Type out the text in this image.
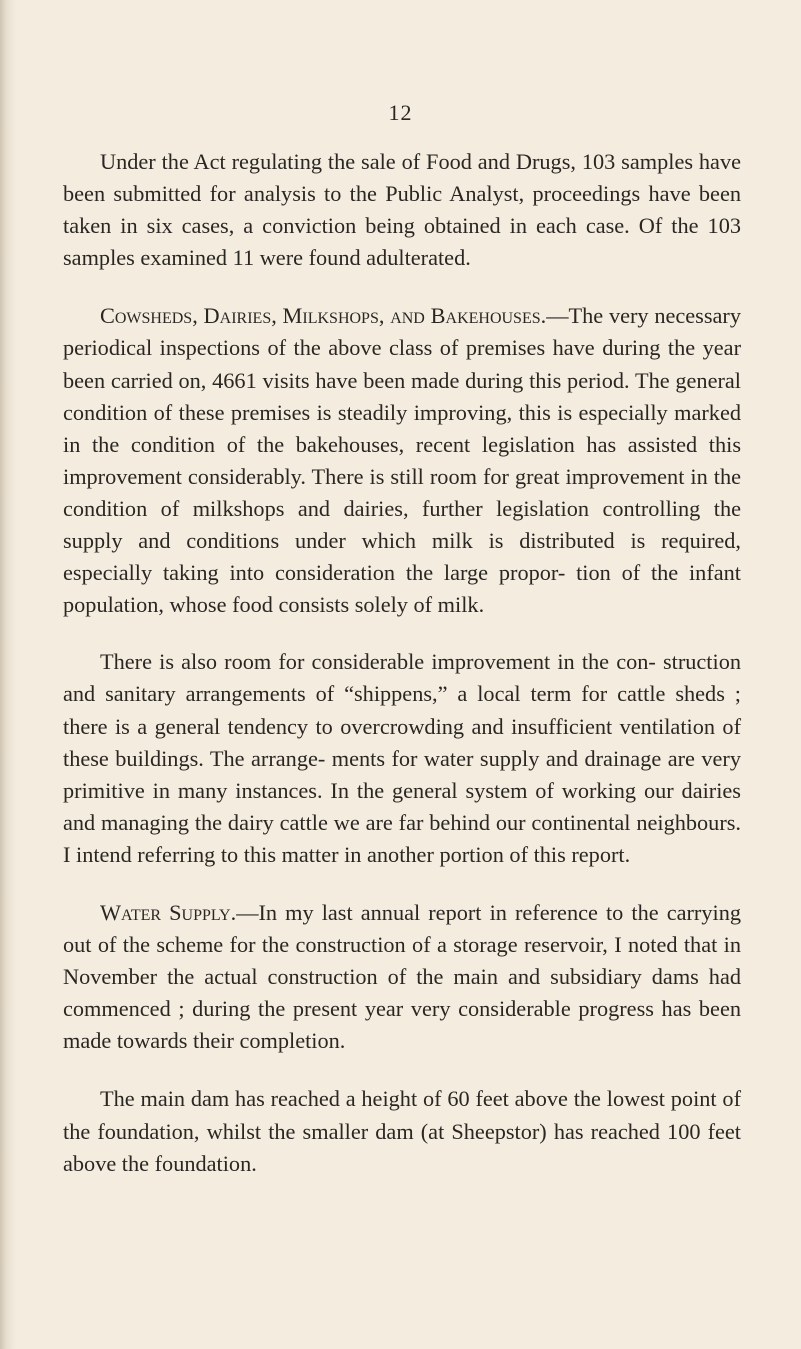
12

Under the Act regulating the sale of Food and Drugs, 103 samples have been submitted for analysis to the Public Analyst, proceedings have been taken in six cases, a conviction being obtained in each case. Of the 103 samples examined 11 were found adulterated.

Cowsheds, Dairies, Milkshops, and Bakehouses.—The very necessary periodical inspections of the above class of premises have during the year been carried on, 4661 visits have been made during this period. The general condition of these premises is steadily improving, this is especially marked in the condition of the bakehouses, recent legislation has assisted this improvement considerably. There is still room for great improvement in the condition of milkshops and dairies, further legislation controlling the supply and conditions under which milk is distributed is required, especially taking into consideration the large propor- tion of the infant population, whose food consists solely of milk.

There is also room for considerable improvement in the con- struction and sanitary arrangements of “shippens,” a local term for cattle sheds ; there is a general tendency to overcrowding and insufficient ventilation of these buildings. The arrange- ments for water supply and drainage are very primitive in many instances. In the general system of working our dairies and managing the dairy cattle we are far behind our continental neighbours. I intend referring to this matter in another portion of this report.

Water Supply.—In my last annual report in reference to the carrying out of the scheme for the construction of a storage reservoir, I noted that in November the actual construction of the main and subsidiary dams had commenced ; during the present year very considerable progress has been made towards their completion.

The main dam has reached a height of 60 feet above the lowest point of the foundation, whilst the smaller dam (at Sheepstor) has reached 100 feet above the foundation.
